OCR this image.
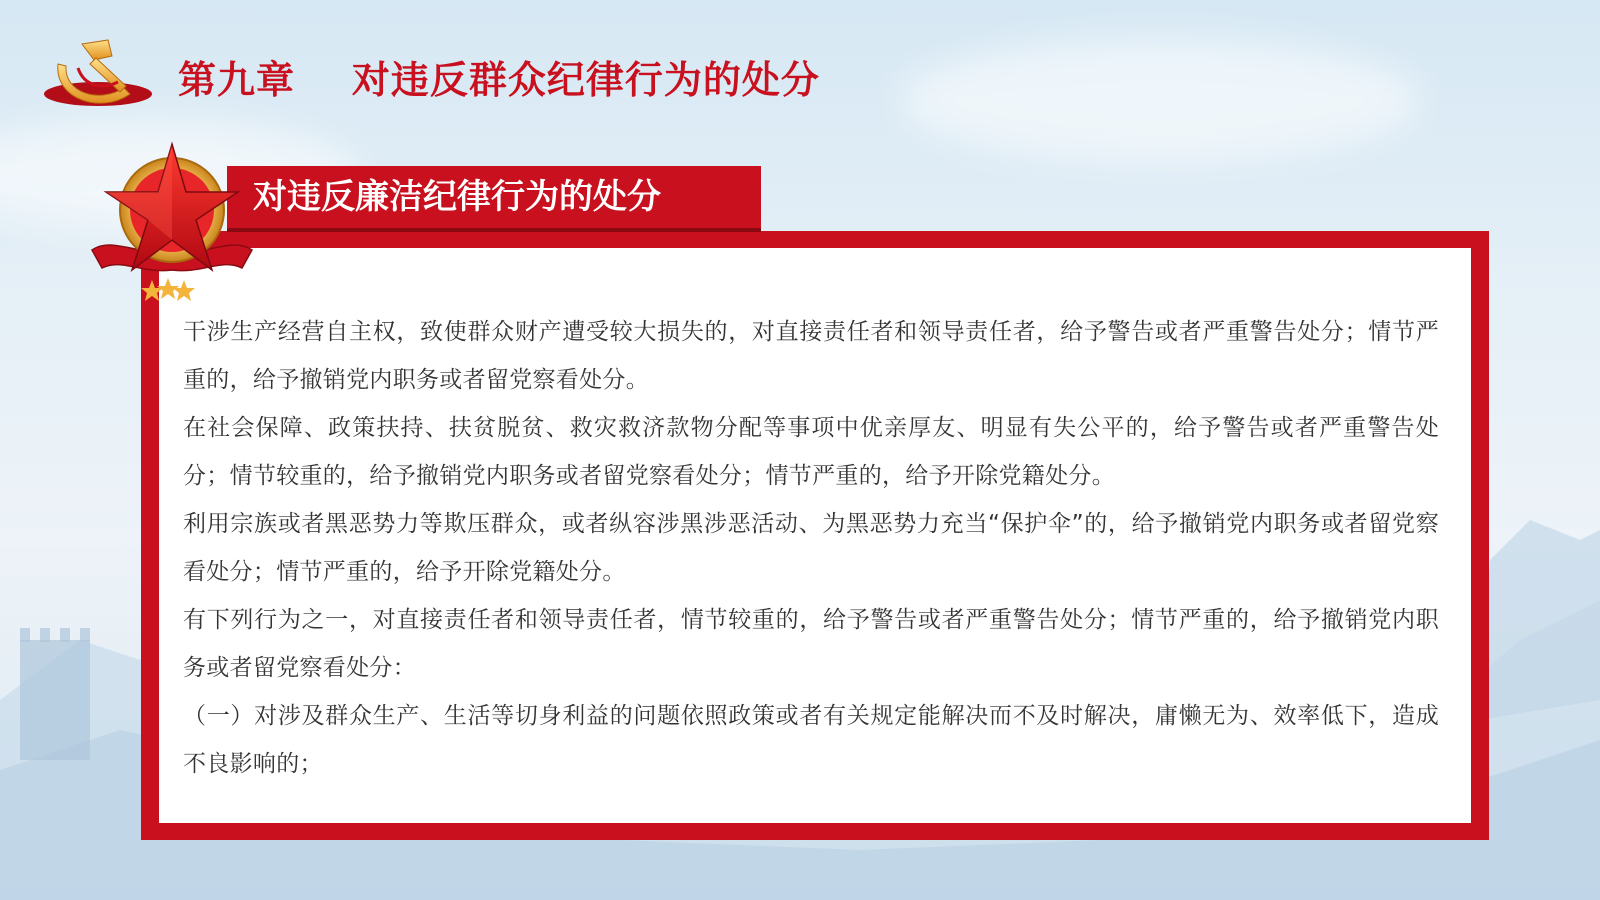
第九章    对违反群众纪律行为的处分

干涉生产经营自主权，致使群众财产遭受较大损失的，对直接责任者和领导责任者，给予警告或者严重警告处分；情节严重的，给予撤销党内职务或者留党察看处分。

在社会保障、政策扶持、扶贫脱贫、救灾救济款物分配等事项中优亲厚友、明显有失公平的，给予警告或者严重警告处分；情节较重的，给予撤销党内职务或者留党察看处分；情节严重的，给予开除党籍处分。

利用宗族或者黑恶势力等欺压群众，或者纵容涉黑涉恶活动、为黑恶势力充当“保护伞”的，给予撤销党内职务或者留党察看处分；情节严重的，给予开除党籍处分。

有下列行为之一，对直接责任者和领导责任者，情节较重的，给予警告或者严重警告处分；情节严重的，给予撤销党内职务或者留党察看处分：

（一）对涉及群众生产、生活等切身利益的问题依照政策或者有关规定能解决而不及时解决，庸懒无为、效率低下，造成不良影响的；

对违反廉洁纪律行为的处分
